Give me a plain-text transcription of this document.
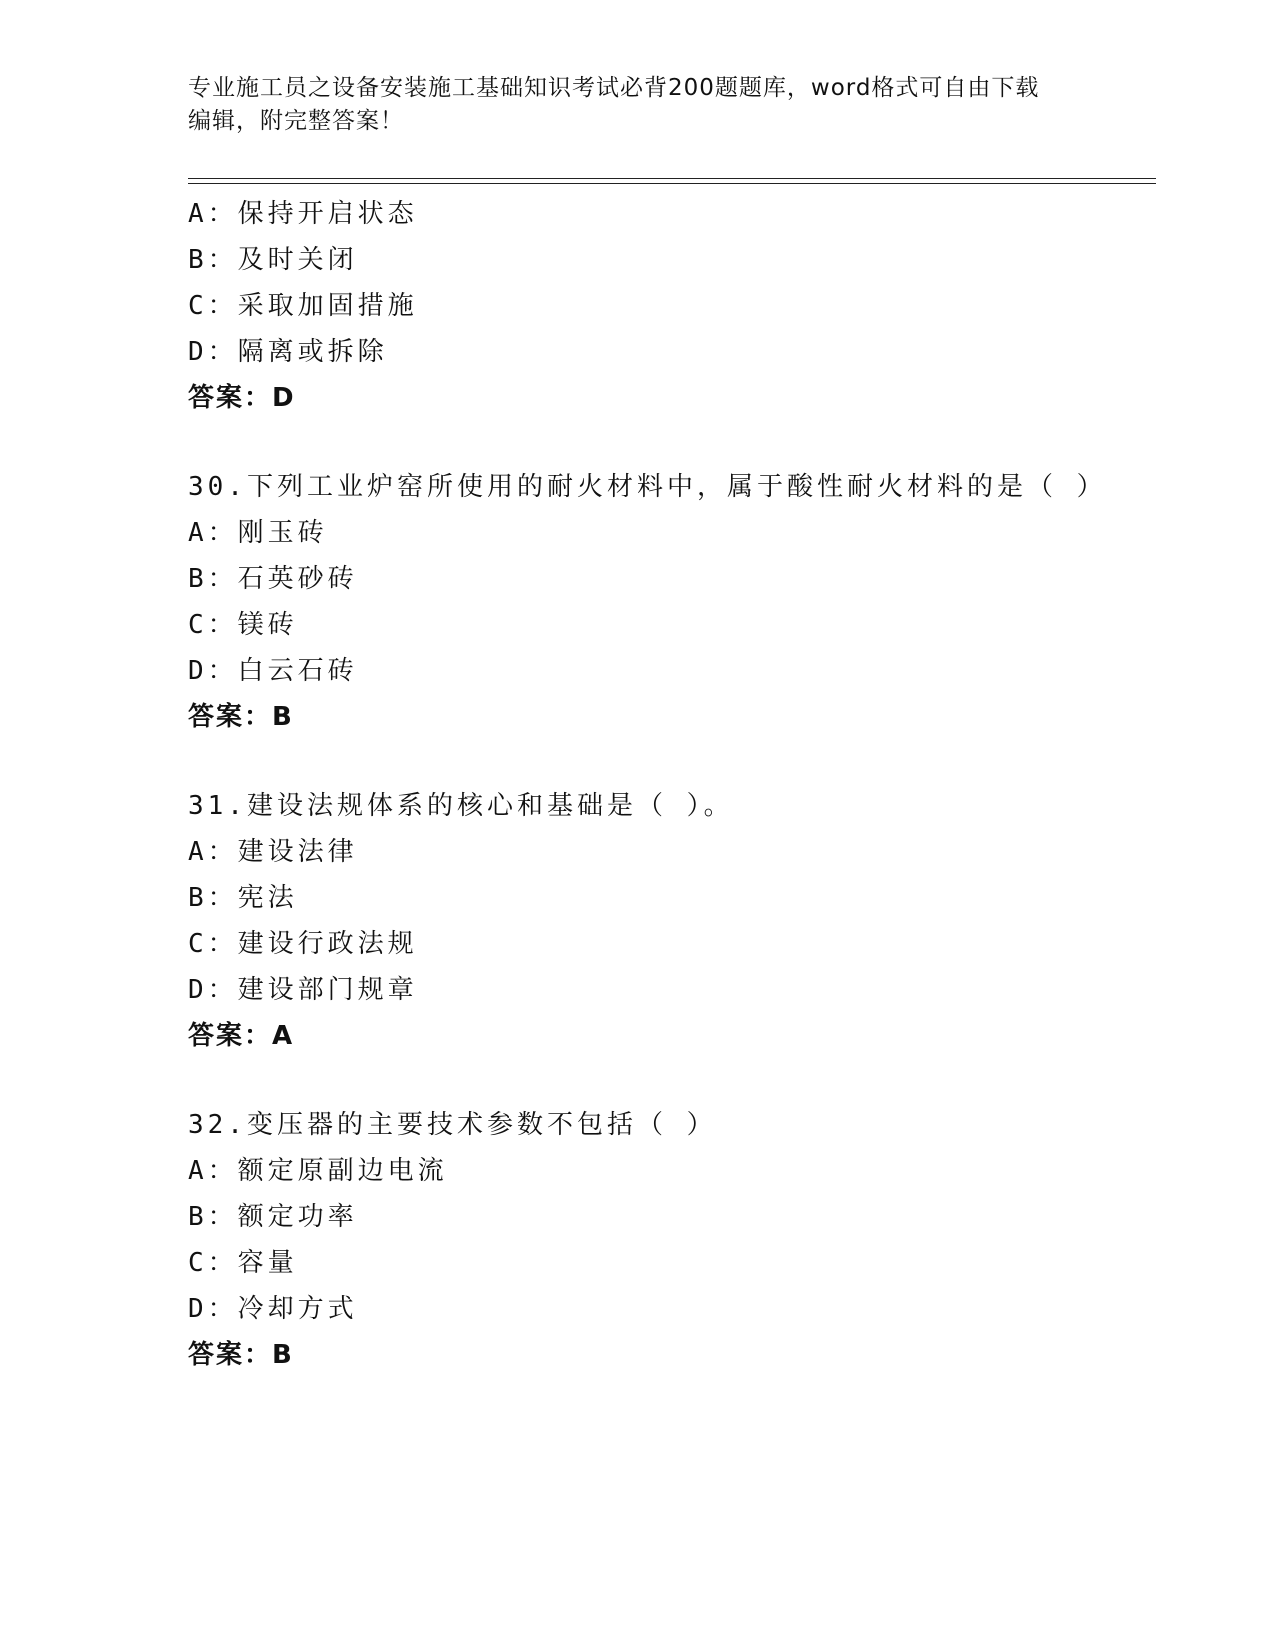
专业施工员之设备安装施工基础知识考试必背200题题库，word格式可自由下载
编辑，附完整答案！
A：保持开启状态
B：及时关闭
C：采取加固措施
D：隔离或拆除
答案：D
30.下列工业炉窑所使用的耐火材料中，属于酸性耐火材料的是（ ）
A：刚玉砖
B：石英砂砖
C：镁砖
D：白云石砖
答案：B
31.建设法规体系的核心和基础是（ ）。
A：建设法律
B：宪法
C：建设行政法规
D：建设部门规章
答案：A
32.变压器的主要技术参数不包括（ ）
A：额定原副边电流
B：额定功率
C：容量
D：冷却方式
答案：B
